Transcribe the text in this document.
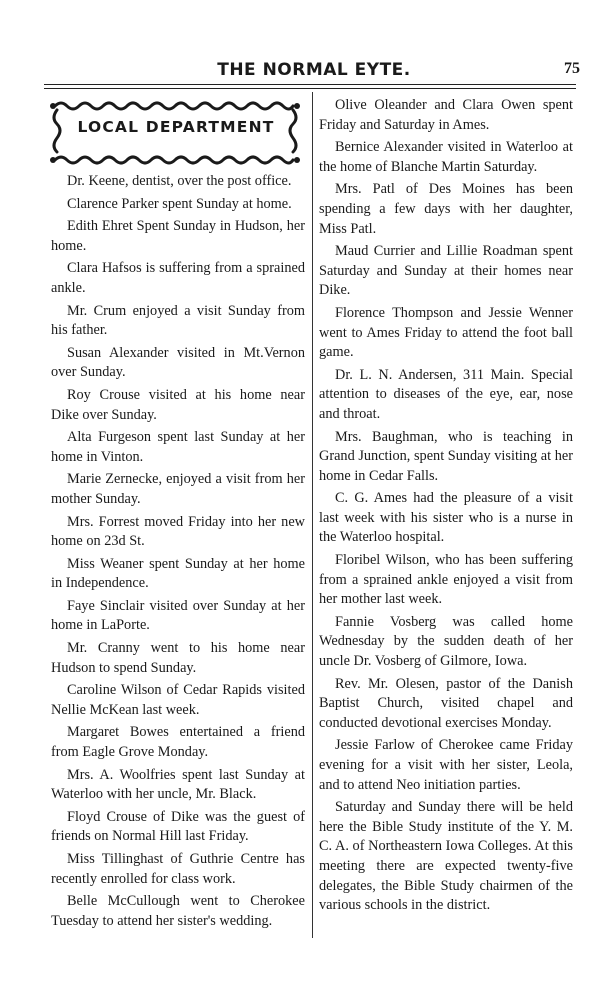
THE NORMAL EYTE.	75
LOCAL DEPARTMENT

Dr. Keene, dentist, over the post office.

Clarence Parker spent Sunday at home.

Edith Ehret Spent Sunday in Hudson, her home.

Clara Hafsos is suffering from a sprained ankle.

Mr. Crum enjoyed a visit Sunday from his father.

Susan Alexander visited in Mt.Vernon over Sunday.

Roy Crouse visited at his home near Dike over Sunday.

Alta Furgeson spent last Sunday at her home in Vinton.

Marie Zernecke, enjoyed a visit from her mother Sunday.

Mrs. Forrest moved Friday into her new home on 23d St.

Miss Weaner spent Sunday at her home in Independence.

Faye Sinclair visited over Sunday at her home in LaPorte.

Mr. Cranny went to his home near Hudson to spend Sunday.

Caroline Wilson of Cedar Rapids visited Nellie McKean last week.

Margaret Bowes entertained a friend from Eagle Grove Monday.

Mrs. A. Woolfries spent last Sunday at Waterloo with her uncle, Mr. Black.

Floyd Crouse of Dike was the guest of friends on Normal Hill last Friday.

Miss Tillinghast of Guthrie Centre has recently enrolled for class work.

Belle McCullough went to Cherokee Tuesday to attend her sister's wedding.

Olive Oleander and Clara Owen spent Friday and Saturday in Ames.

Bernice Alexander visited in Waterloo at the home of Blanche Martin Saturday.

Mrs. Patl of Des Moines has been spending a few days with her daughter, Miss Patl.

Maud Currier and Lillie Roadman spent Saturday and Sunday at their homes near Dike.

Florence Thompson and Jessie Wenner went to Ames Friday to attend the foot ball game.

Dr. L. N. Andersen, 311 Main. Special attention to diseases of the eye, ear, nose and throat.

Mrs. Baughman, who is teaching in Grand Junction, spent Sunday visiting at her home in Cedar Falls.

C. G. Ames had the pleasure of a visit last week with his sister who is a nurse in the Waterloo hospital.

Floribel Wilson, who has been suffering from a sprained ankle enjoyed a visit from her mother last week.

Fannie Vosberg was called home Wednesday by the sudden death of her uncle Dr. Vosberg of Gilmore, Iowa.

Rev. Mr. Olesen, pastor of the Danish Baptist Church, visited chapel and conducted devotional exercises Monday.

Jessie Farlow of Cherokee came Friday evening for a visit with her sister, Leola, and to attend Neo initiation parties.

Saturday and Sunday there will be held here the Bible Study institute of the Y. M. C. A. of Northeastern Iowa Colleges. At this meeting there are expected twenty-five delegates, the Bible Study chairmen of the various schools in the district.
